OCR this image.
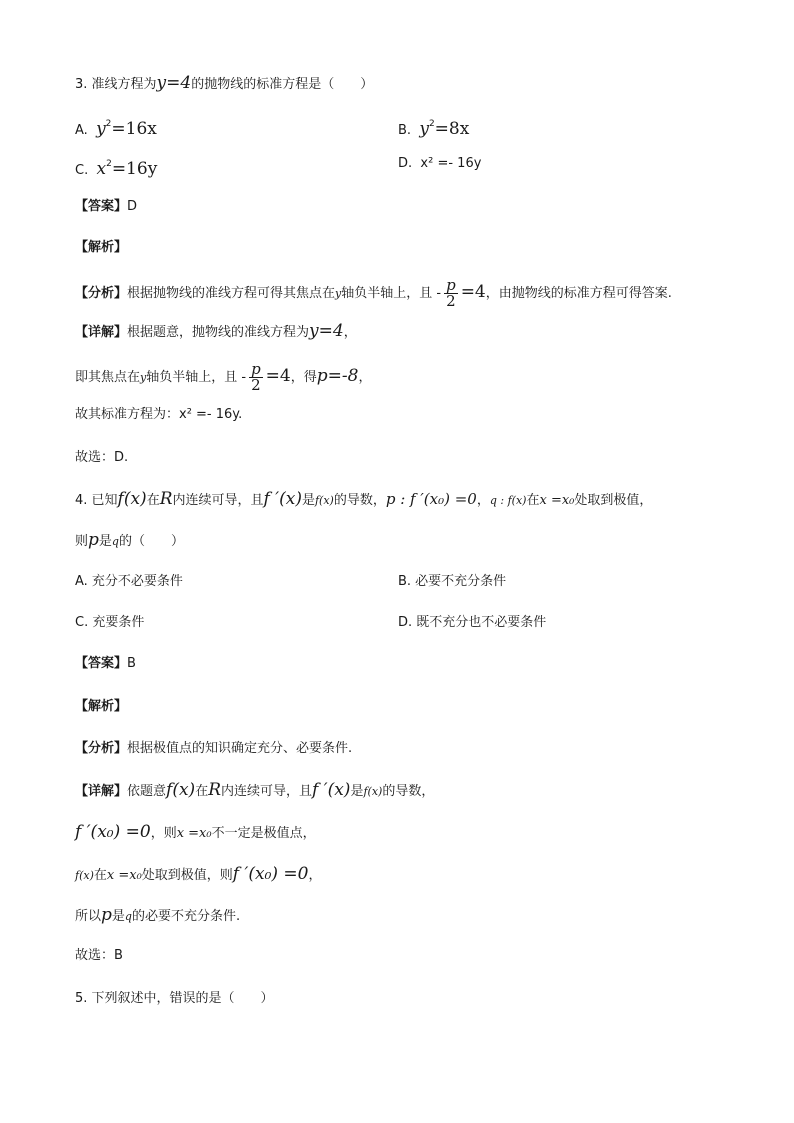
3. 准线方程为y=4的抛物线的标准方程是（　　）
A. $y^2=16x$	B. $y^2=8x$
C. $x^2=16y$	D. x² =- 16y
【答案】D
【解析】
【分析】根据抛物线的准线方程可得其焦点在y轴负半轴上，且 - $\frac{p}{2} =4$，由抛物线的标准方程可得答案.
【详解】根据题意，抛物线的准线方程为y=4，
即其焦点在y轴负半轴上，且 - $\frac{p}{2} =4$，得p=-8，
故其标准方程为：x² =- 16y.
故选：D.
4. 已知f(x)在R内连续可导，且f ′(x)是f(x)的导数，p : f ′(x₀) =0，q : f(x)在x =x₀处取到极值，
则p是q的（　　）
A. 充分不必要条件	B. 必要不充分条件
C. 充要条件	D. 既不充分也不必要条件
【答案】B
【解析】
【分析】根据极值点的知识确定充分、必要条件.
【详解】依题意f(x)在R内连续可导，且f ′(x)是f(x)的导数，
f ′(x₀) =0，则x =x₀不一定是极值点，
f(x)在x =x₀处取到极值，则f ′(x₀) =0，
所以p是q的必要不充分条件.
故选：B
5. 下列叙述中，错误的是（　　）
